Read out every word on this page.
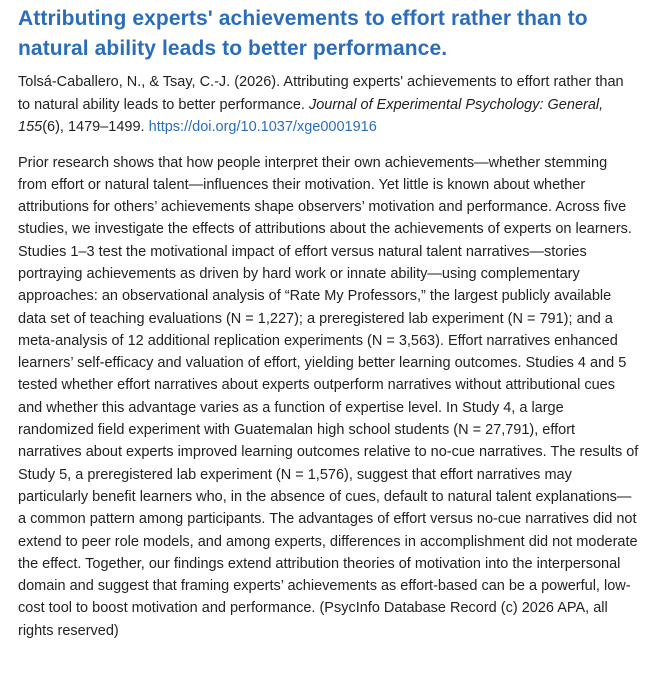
Attributing experts' achievements to effort rather than to natural ability leads to better performance.

Tolsá-Caballero, N., & Tsay, C.-J. (2026). Attributing experts' achievements to effort rather than to natural ability leads to better performance. Journal of Experimental Psychology: General, 155(6), 1479–1499. https://doi.org/10.1037/xge0001916

Prior research shows that how people interpret their own achievements—whether stemming from effort or natural talent—influences their motivation. Yet little is known about whether attributions for others’ achievements shape observers’ motivation and performance. Across five studies, we investigate the effects of attributions about the achievements of experts on learners. Studies 1–3 test the motivational impact of effort versus natural talent narratives—stories portraying achievements as driven by hard work or innate ability—using complementary approaches: an observational analysis of “Rate My Professors,” the largest publicly available data set of teaching evaluations (N = 1,227); a preregistered lab experiment (N = 791); and a meta-analysis of 12 additional replication experiments (N = 3,563). Effort narratives enhanced learners’ self-efficacy and valuation of effort, yielding better learning outcomes. Studies 4 and 5 tested whether effort narratives about experts outperform narratives without attributional cues and whether this advantage varies as a function of expertise level. In Study 4, a large randomized field experiment with Guatemalan high school students (N = 27,791), effort narratives about experts improved learning outcomes relative to no-cue narratives. The results of Study 5, a preregistered lab experiment (N = 1,576), suggest that effort narratives may particularly benefit learners who, in the absence of cues, default to natural talent explanations—a common pattern among participants. The advantages of effort versus no-cue narratives did not extend to peer role models, and among experts, differences in accomplishment did not moderate the effect. Together, our findings extend attribution theories of motivation into the interpersonal domain and suggest that framing experts’ achievements as effort-based can be a powerful, low-cost tool to boost motivation and performance. (PsycInfo Database Record (c) 2026 APA, all rights reserved)
